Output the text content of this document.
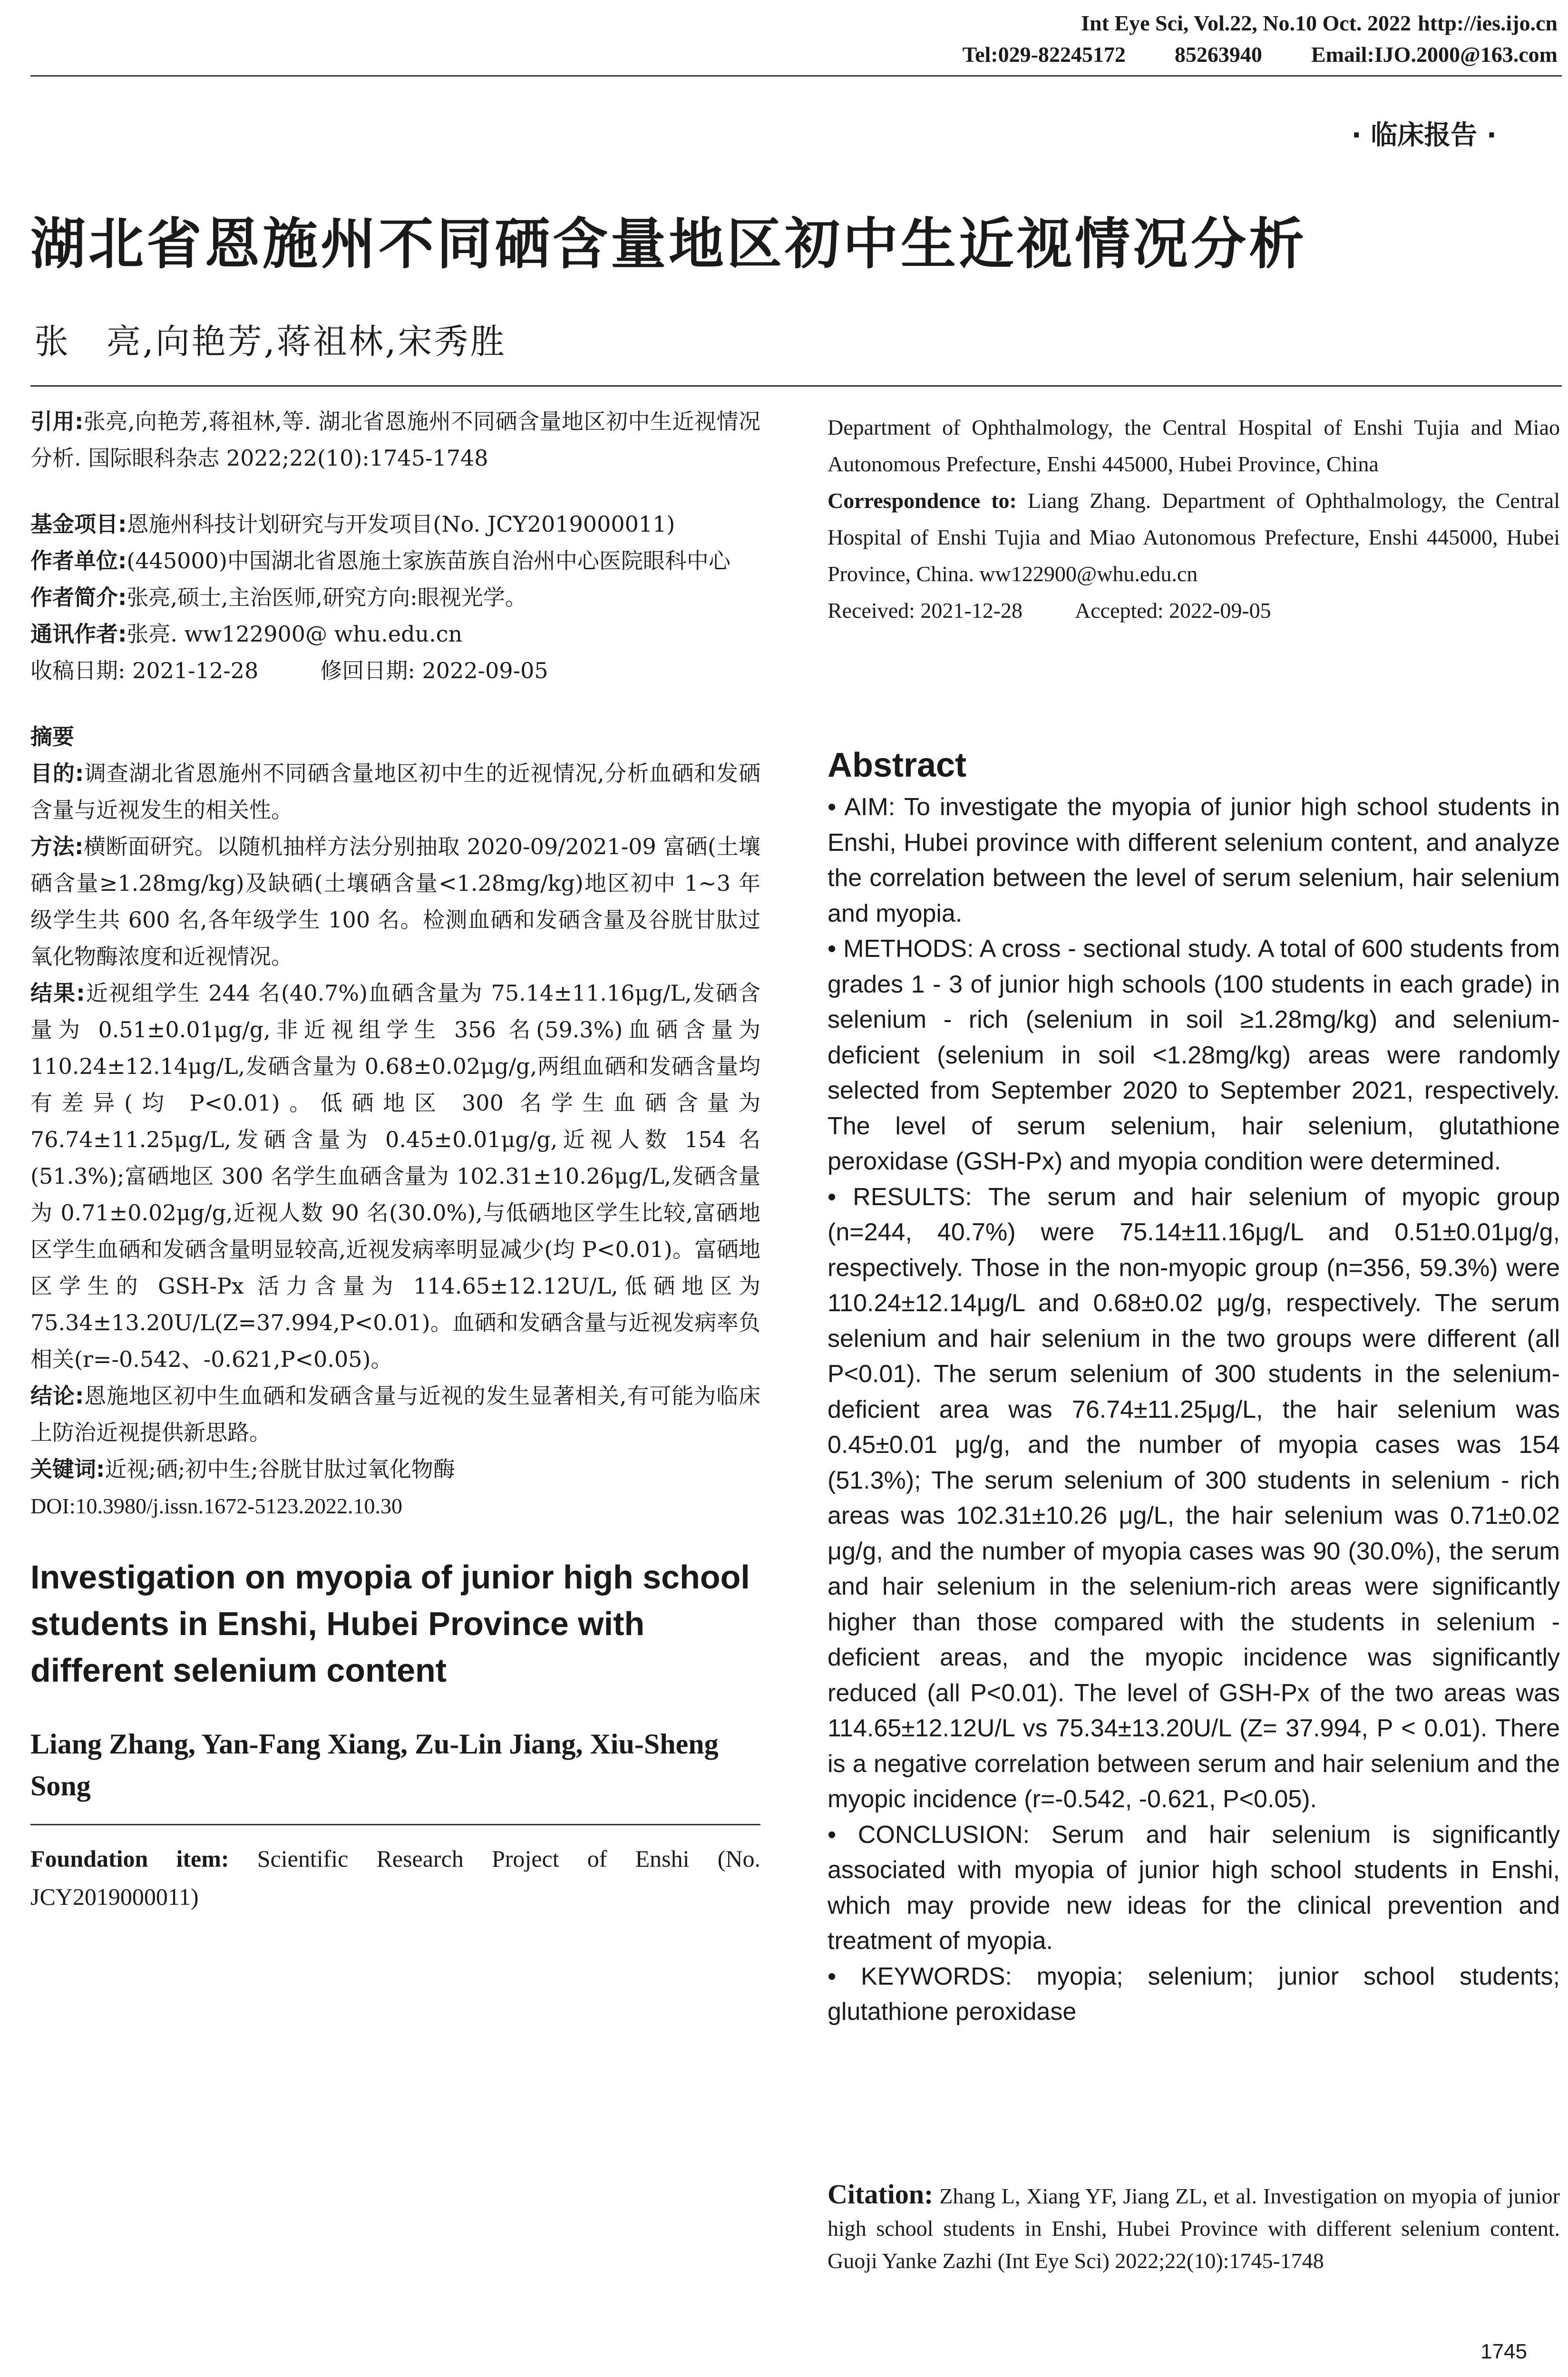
Int Eye Sci, Vol.22, No.10 Oct. 2022 http://ies.ijo.cn
Tel:029-82245172 85263940 Email:IJO.2000@163.com
· 临床报告 ·
湖北省恩施州不同硒含量地区初中生近视情况分析
张　亮,向艳芳,蒋祖林,宋秀胜

引用:张亮,向艳芳,蒋祖林,等. 湖北省恩施州不同硒含量地区初中生近视情况分析. 国际眼科杂志 2022;22(10):1745-1748

基金项目:恩施州科技计划研究与开发项目(No. JCY2019000011)

作者单位:(445000)中国湖北省恩施土家族苗族自治州中心医院眼科中心

作者简介:张亮,硕士,主治医师,研究方向:眼视光学。

通讯作者:张亮. ww122900@ whu.edu.cn

收稿日期: 2021-12-28	修回日期: 2022-09-05

摘要

目的:调查湖北省恩施州不同硒含量地区初中生的近视情况,分析血硒和发硒含量与近视发生的相关性。

方法:横断面研究。以随机抽样方法分别抽取 2020-09/2021-09 富硒(土壤硒含量≥1.28mg/kg)及缺硒(土壤硒含量<1.28mg/kg)地区初中 1~3 年级学生共 600 名,各年级学生 100 名。检测血硒和发硒含量及谷胱甘肽过氧化物酶浓度和近视情况。

结果:近视组学生 244 名(40.7%)血硒含量为 75.14±11.16μg/L,发硒含量为 0.51±0.01μg/g,非近视组学生 356 名(59.3%)血硒含量为 110.24±12.14μg/L,发硒含量为 0.68±0.02μg/g,两组血硒和发硒含量均有差异(均 P<0.01)。低硒地区 300 名学生血硒含量为 76.74±11.25μg/L,发硒含量为 0.45±0.01μg/g,近视人数 154 名(51.3%);富硒地区 300 名学生血硒含量为 102.31±10.26μg/L,发硒含量为 0.71±0.02μg/g,近视人数 90 名(30.0%),与低硒地区学生比较,富硒地区学生血硒和发硒含量明显较高,近视发病率明显减少(均 P<0.01)。富硒地区学生的 GSH-Px 活力含量为 114.65±12.12U/L,低硒地区为 75.34±13.20U/L(Z=37.994,P<0.01)。血硒和发硒含量与近视发病率负相关(r=-0.542、-0.621,P<0.05)。

结论:恩施地区初中生血硒和发硒含量与近视的发生显著相关,有可能为临床上防治近视提供新思路。

关键词:近视;硒;初中生;谷胱甘肽过氧化物酶

DOI:10.3980/j.issn.1672-5123.2022.10.30

Investigation on myopia of junior high school students in Enshi, Hubei Province with different selenium content

Liang Zhang, Yan-Fang Xiang, Zu-Lin Jiang, Xiu-Sheng Song

Foundation item: Scientific Research Project of Enshi (No. JCY2019000011)

Department of Ophthalmology, the Central Hospital of Enshi Tujia and Miao Autonomous Prefecture, Enshi 445000, Hubei Province, China

Correspondence to: Liang Zhang. Department of Ophthalmology, the Central Hospital of Enshi Tujia and Miao Autonomous Prefecture, Enshi 445000, Hubei Province, China. ww122900@whu.edu.cn

Received: 2021-12-28 Accepted: 2022-09-05

Abstract

• AIM: To investigate the myopia of junior high school students in Enshi, Hubei province with different selenium content, and analyze the correlation between the level of serum selenium, hair selenium and myopia.

• METHODS: A cross - sectional study. A total of 600 students from grades 1 - 3 of junior high schools (100 students in each grade) in selenium - rich (selenium in soil ≥1.28mg/kg) and selenium-deficient (selenium in soil <1.28mg/kg) areas were randomly selected from September 2020 to September 2021, respectively. The level of serum selenium, hair selenium, glutathione peroxidase (GSH-Px) and myopia condition were determined.

• RESULTS: The serum and hair selenium of myopic group (n=244, 40.7%) were 75.14±11.16μg/L and 0.51±0.01μg/g, respectively. Those in the non-myopic group (n=356, 59.3%) were 110.24±12.14μg/L and 0.68±0.02 μg/g, respectively. The serum selenium and hair selenium in the two groups were different (all P<0.01). The serum selenium of 300 students in the selenium-deficient area was 76.74±11.25μg/L, the hair selenium was 0.45±0.01 μg/g, and the number of myopia cases was 154 (51.3%); The serum selenium of 300 students in selenium - rich areas was 102.31±10.26 μg/L, the hair selenium was 0.71±0.02 μg/g, and the number of myopia cases was 90 (30.0%), the serum and hair selenium in the selenium-rich areas were significantly higher than those compared with the students in selenium - deficient areas, and the myopic incidence was significantly reduced (all P<0.01). The level of GSH-Px of the two areas was 114.65±12.12U/L vs 75.34±13.20U/L (Z= 37.994, P < 0.01). There is a negative correlation between serum and hair selenium and the myopic incidence (r=-0.542, -0.621, P<0.05).

• CONCLUSION: Serum and hair selenium is significantly associated with myopia of junior high school students in Enshi, which may provide new ideas for the clinical prevention and treatment of myopia.

• KEYWORDS: myopia; selenium; junior school students; glutathione peroxidase

Citation: Zhang L, Xiang YF, Jiang ZL, et al. Investigation on myopia of junior high school students in Enshi, Hubei Province with different selenium content. Guoji Yanke Zazhi (Int Eye Sci) 2022;22(10):1745-1748
1745
